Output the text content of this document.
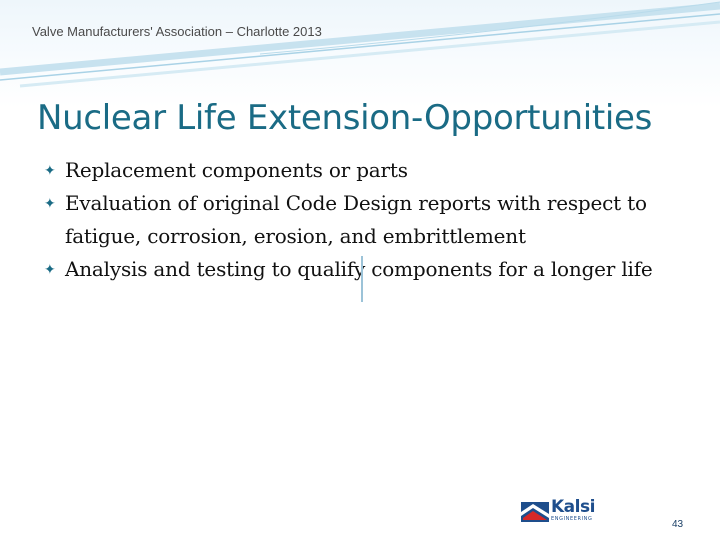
Valve Manufacturers' Association – Charlotte 2013
Nuclear Life Extension-Opportunities
✦ Replacement components or parts
✦ Evaluation of original Code Design reports with respect to fatigue, corrosion, erosion, and embrittlement
✦ Analysis and testing to qualify components for a longer life
Kalsi
ENGINEERING	43
